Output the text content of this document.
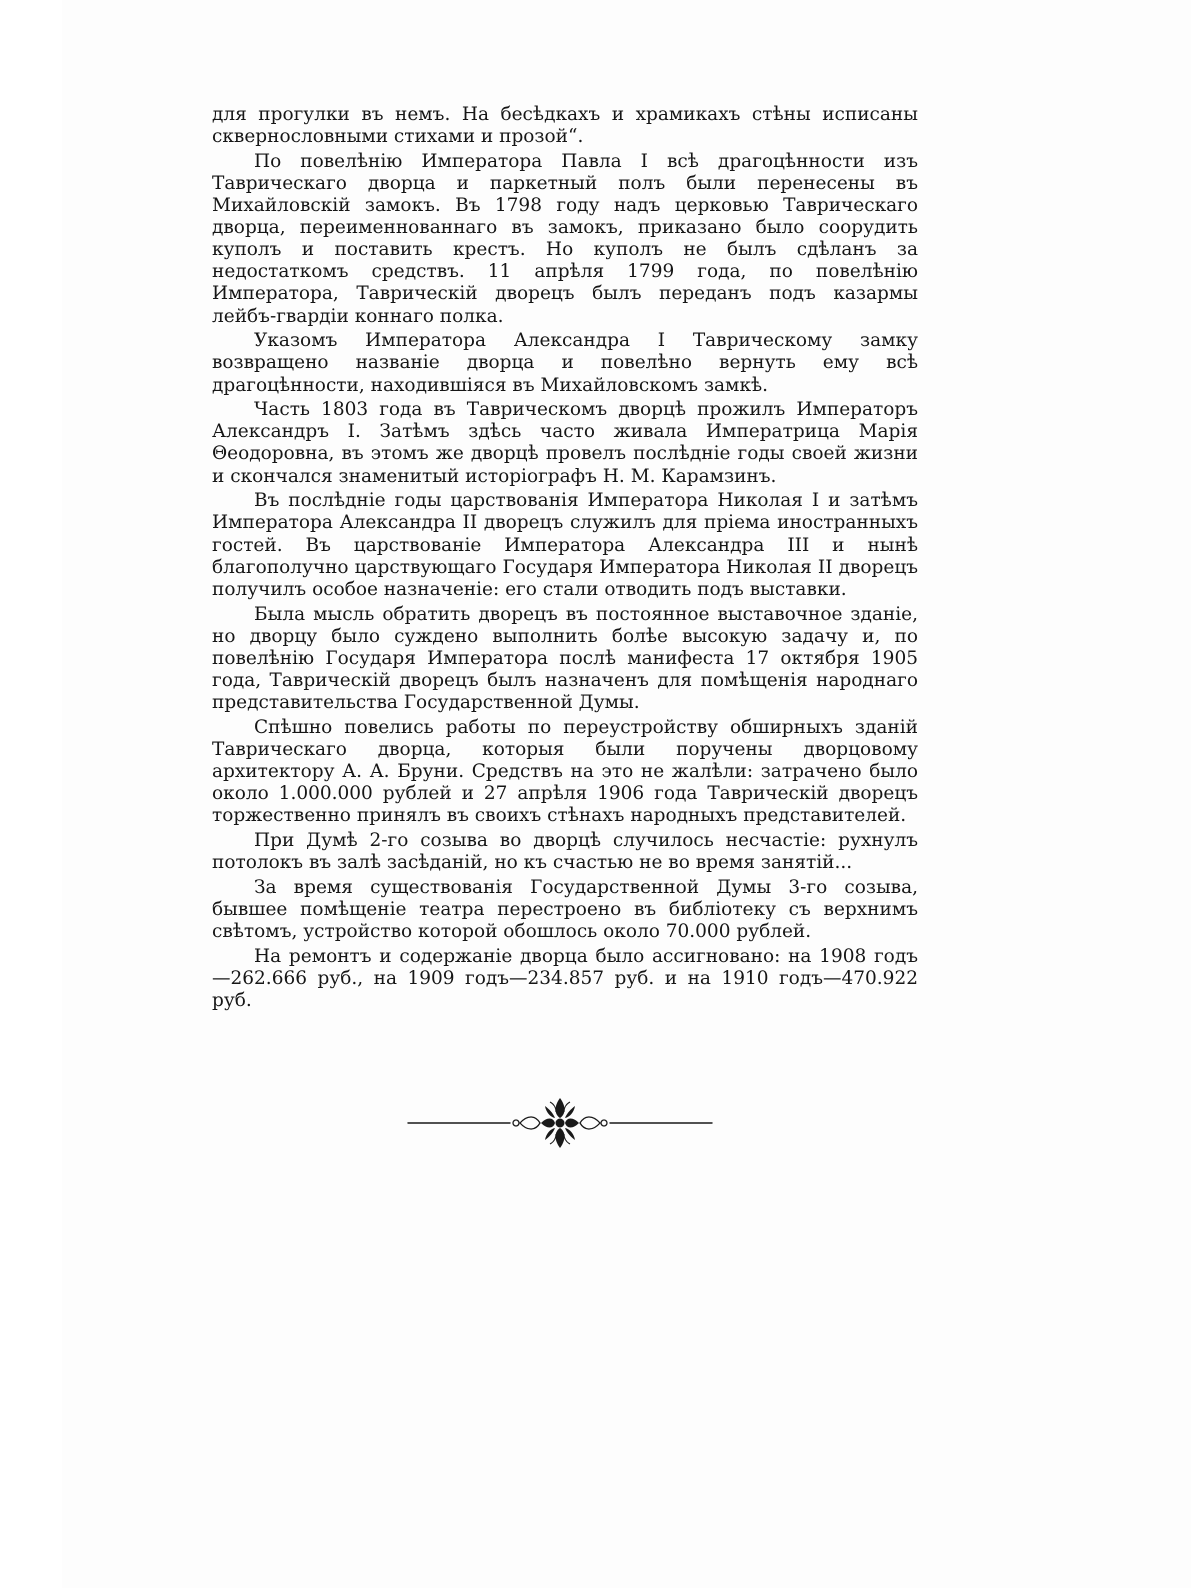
для прогулки въ немъ. На бесѣдкахъ и храмикахъ стѣны исписаны сквернословными стихами и прозой“.

По повелѣнію Императора Павла I всѣ драгоцѣнности изъ Таврическаго дворца и паркетный полъ были перенесены въ Михайловскій замокъ. Въ 1798 году надъ церковью Таврическаго дворца, переименнованнаго въ замокъ, приказано было соорудить куполъ и поставить крестъ. Но куполъ не былъ сдѣланъ за недостаткомъ средствъ. 11 апрѣля 1799 года, по повелѣнію Императора, Таврическій дворецъ былъ переданъ подъ казармы лейбъ-гвардіи коннаго полка.

Указомъ Императора Александра I Таврическому замку возвращено названіе дворца и повелѣно вернуть ему всѣ драгоцѣнности, находившіяся въ Михайловскомъ замкѣ.

Часть 1803 года въ Таврическомъ дворцѣ прожилъ Императоръ Александръ I. Затѣмъ здѣсь часто живала Императрица Марія Θеодоровна, въ этомъ же дворцѣ провелъ послѣдніе годы своей жизни и скончался знаменитый исторіографъ Н. М. Карамзинъ.

Въ послѣдніе годы царствованія Императора Николая I и затѣмъ Императора Александра II дворецъ служилъ для пріема иностранныхъ гостей. Въ царствованіе Императора Александра III и нынѣ благополучно царствующаго Государя Императора Николая II дворецъ получилъ особое назначеніе: его стали отводить подъ выставки.

Была мысль обратить дворецъ въ постоянное выставочное зданіе, но дворцу было суждено выполнить болѣе высокую задачу и, по повелѣнію Государя Императора послѣ манифеста 17 октября 1905 года, Таврическій дворецъ былъ назначенъ для помѣщенія народнаго представительства Государственной Думы.

Спѣшно повелись работы по переустройству обширныхъ зданій Таврическаго дворца, которыя были поручены дворцовому архитектору А. А. Бруни. Средствъ на это не жалѣли: затрачено было около 1.000.000 рублей и 27 апрѣля 1906 года Таврическій дворецъ торжественно принялъ въ своихъ стѣнахъ народныхъ представителей.

При Думѣ 2-го созыва во дворцѣ случилось несчастіе: рухнулъ потолокъ въ залѣ засѣданій, но къ счастью не во время занятій...

За время существованія Государственной Думы 3-го созыва, бывшее помѣщеніе театра перестроено въ библіотеку съ верхнимъ свѣтомъ, устройство которой обошлось около 70.000 рублей.

На ремонтъ и содержаніе дворца было ассигновано: на 1908 годъ—262.666 руб., на 1909 годъ—234.857 руб. и на 1910 годъ—470.922 руб.
